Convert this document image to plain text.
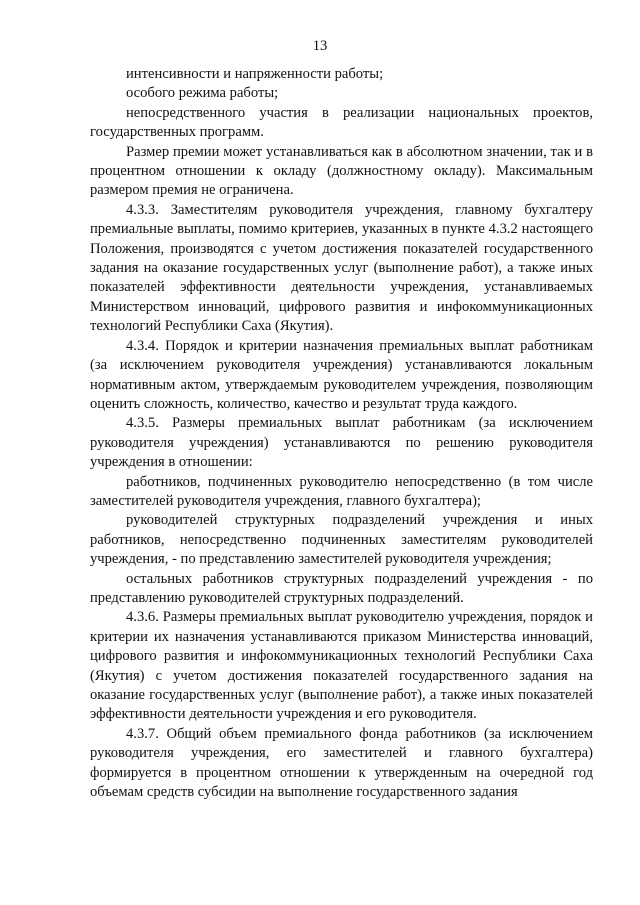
13

интенсивности и напряженности работы;

особого режима работы;

непосредственного участия в реализации национальных проектов, государственных программ.

Размер премии может устанавливаться как в абсолютном значении, так и в процентном отношении к окладу (должностному окладу). Максимальным размером премия не ограничена.

4.3.3. Заместителям руководителя учреждения, главному бухгалтеру премиальные выплаты, помимо критериев, указанных в пункте 4.3.2 настоящего Положения, производятся с учетом достижения показателей государственного задания на оказание государственных услуг (выполнение работ), а также иных показателей эффективности деятельности учреждения, устанавливаемых Министерством инноваций, цифрового развития и инфокоммуникационных технологий Республики Саха (Якутия).

4.3.4. Порядок и критерии назначения премиальных выплат работникам (за исключением руководителя учреждения) устанавливаются локальным нормативным актом, утверждаемым руководителем учреждения, позволяющим оценить сложность, количество, качество и результат труда каждого.

4.3.5. Размеры премиальных выплат работникам (за исключением руководителя учреждения) устанавливаются по решению руководителя учреждения в отношении:

работников, подчиненных руководителю непосредственно (в том числе заместителей руководителя учреждения, главного бухгалтера);

руководителей структурных подразделений учреждения и иных работников, непосредственно подчиненных заместителям руководителей учреждения, - по представлению заместителей руководителя учреждения;

остальных работников структурных подразделений учреждения - по представлению руководителей структурных подразделений.

4.3.6. Размеры премиальных выплат руководителю учреждения, порядок и критерии их назначения устанавливаются приказом Министерства инноваций, цифрового развития и инфокоммуникационных технологий Республики Саха (Якутия) с учетом достижения показателей государственного задания на оказание государственных услуг (выполнение работ), а также иных показателей эффективности деятельности учреждения и его руководителя.

4.3.7. Общий объем премиального фонда работников (за исключением руководителя учреждения, его заместителей и главного бухгалтера) формируется в процентном отношении к утвержденным на очередной год объемам средств субсидии на выполнение государственного задания
